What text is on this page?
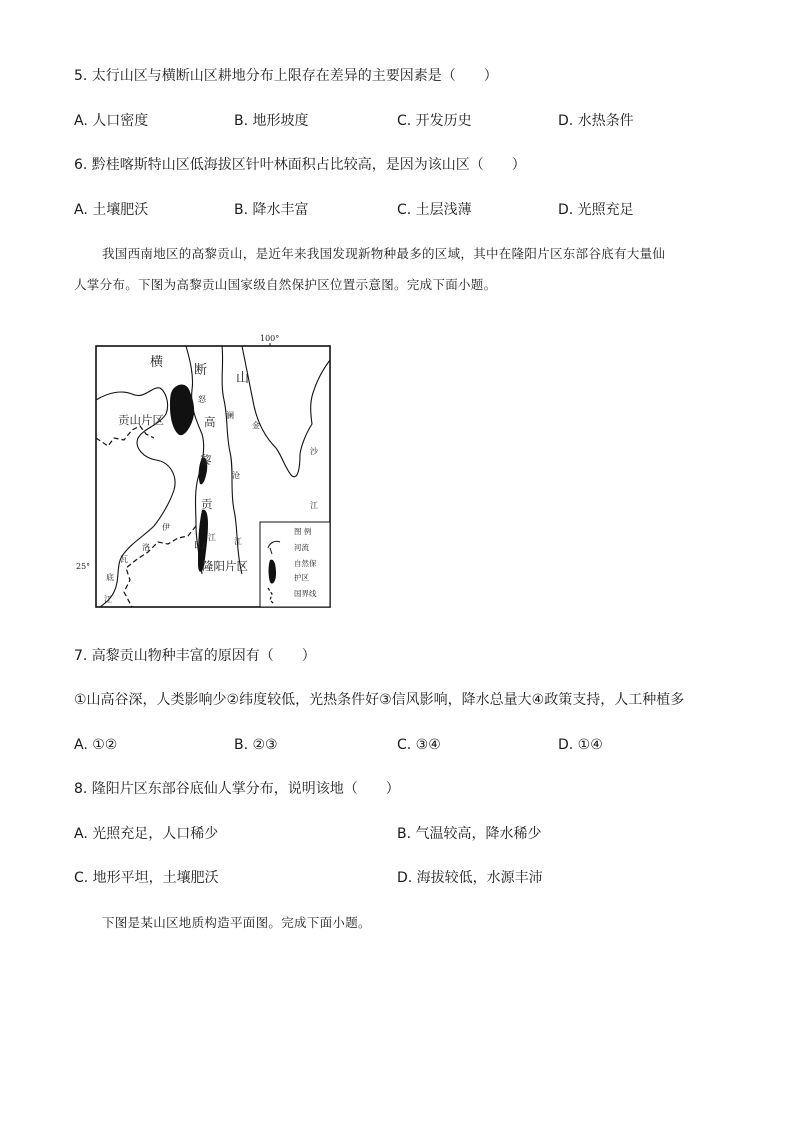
5. 太行山区与横断山区耕地分布上限存在差异的主要因素是（　　）
A. 人口密度	B. 地形坡度	C. 开发历史	D. 水热条件
6. 黔桂喀斯特山区低海拔区针叶林面积占比较高，是因为该山区（　　）
A. 土壤肥沃	B. 降水丰富	C. 土层浅薄	D. 光照充足
我国西南地区的高黎贡山，是近年来我国发现新物种最多的区域，其中在隆阳片区东部谷底有大量仙
人掌分布。下图为高黎贡山国家级自然保护区位置示意图。完成下面小题。
100°
25°
横
断
山
贡山片区	高
黎
贡
山
怒
江
澜
沧
江
金
沙
江
伊
洛
瓦
底
江
隆阳片区
图 例
河流
自然保
护区
国界线
7. 高黎贡山物种丰富的原因有（　　）
①山高谷深，人类影响少②纬度较低，光热条件好③信风影响，降水总量大④政策支持，人工种植多
A. ①②	B. ②③	C. ③④	D. ①④
8. 隆阳片区东部谷底仙人掌分布，说明该地（　　）
A. 光照充足，人口稀少	B. 气温较高，降水稀少
C. 地形平坦，土壤肥沃	D. 海拔较低，水源丰沛
下图是某山区地质构造平面图。完成下面小题。
